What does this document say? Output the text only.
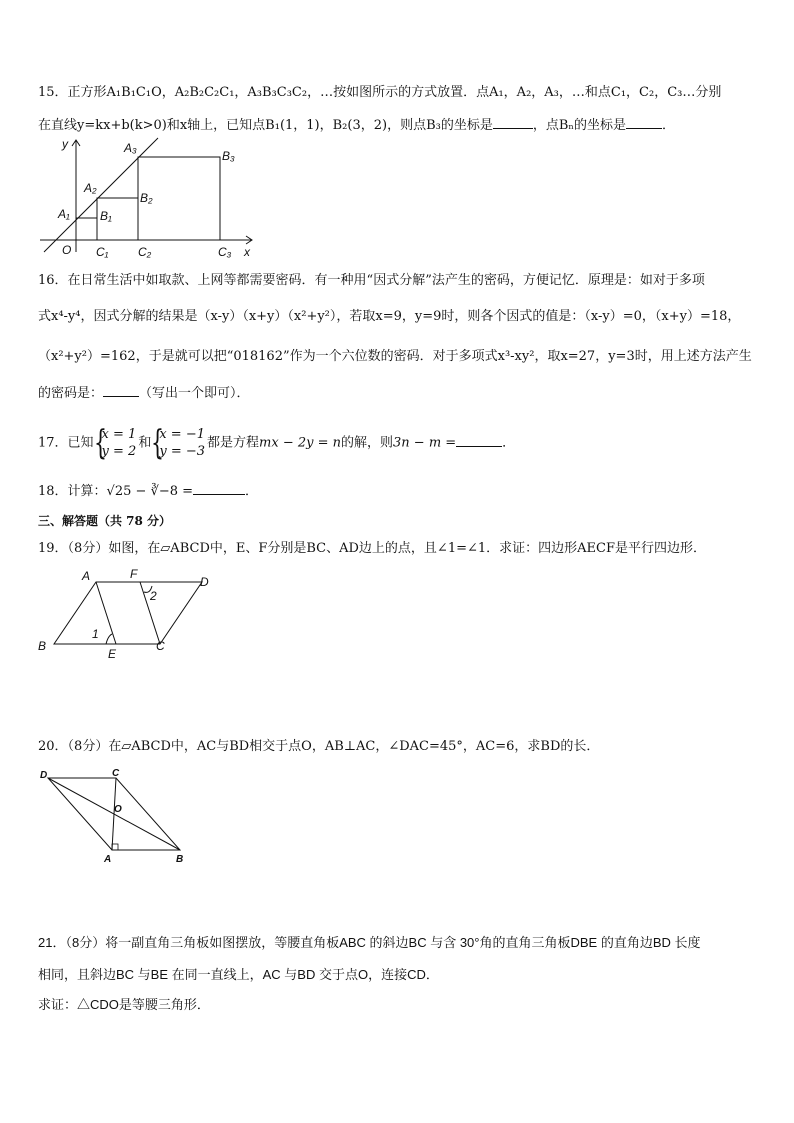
15．正方形A₁B₁C₁O，A₂B₂C₂C₁，A₃B₃C₃C₂，…按如图所示的方式放置．点A₁，A₂，A₃，…和点C₁，C₂，C₃…分别
在直线y=kx+b(k>0)和x轴上，已知点B₁(1，1)，B₂(3，2)，则点B₃的坐标是	，点Bₙ的坐标是	．
y
x
O
A₁
A₂
A₃
B₁
B₂
B₃
C₁ C₂	C₃
16．在日常生活中如取款、上网等都需要密码．有一种用“因式分解”法产生的密码，方便记忆．原理是：如对于多项
式x⁴-y⁴，因式分解的结果是（x-y）（x+y）（x²+y²），若取x=9，y=9时，则各个因式的值是：（x-y）=0，（x+y）=18，
（x²+y²）=162，于是就可以把“018162”作为一个六位数的密码．对于多项式x³-xy²，取x=27，y=3时，用上述方法产生
的密码是：	（写出一个即可）．
17．已知 {
x = 1
y = 2
和 {
x = −1
y = −3
都是方程mx − 2y = n的解，则3n − m =	．
18．计算：√25 − ∛−8 =	．
三、解答题（共 78 分）
19．（8分）如图，在▱ABCD中，E、F分别是BC、AD边上的点，且∠1=∠1．求证：四边形AECF是平行四边形．
A	F
D
B
E
C
1
2
20．（8分）在▱ABCD中，AC与BD相交于点O，AB⊥AC，∠DAC=45°，AC=6，求BD的长．
D	C
O
A	B
21．（8分）将一副直角三角板如图摆放，等腰直角板ABC 的斜边BC 与含 30°角的直角三角板DBE 的直角边BD 长度
相同，且斜边BC 与BE 在同一直线上，AC 与BD 交于点O，连接CD．
求证：△CDO是等腰三角形．
